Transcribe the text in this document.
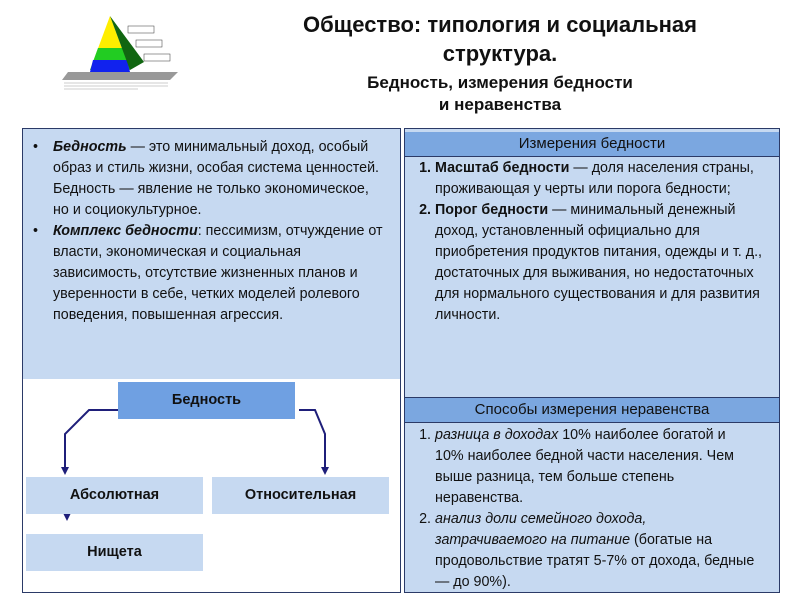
Общество: типология и социальная
структура.
Бедность, измерения бедности
и неравенства
• Бедность — это минимальный доход, особый образ и стиль жизни, особая система ценностей. Бедность — явление не только экономическое, но и социокультурное.
• Комплекс бедности: пессимизм, отчуждение от власти, экономическая и социальная зависимость, отсутствие жизненных планов и уверенности в себе, четких моделей ролевого поведения, повышенная агрессия.
Бедность
Абсолютная	Относительная
Нищета
Измерения бедности
1. Масштаб бедности — доля населения страны, проживающая у черты или порога бедности;
2. Порог бедности — минимальный денежный доход, установленный официально для приобретения продуктов питания, одежды и т. д., достаточных для выживания, но недостаточных для нормального существования и для развития личности.
Способы измерения неравенства
1. разница в доходах 10% наиболее богатой и 10% наиболее бедной части населения. Чем выше разница, тем больше степень неравенства.
2. анализ доли семейного дохода, затрачиваемого на питание (богатые на продовольствие тратят 5-7% от дохода, бедные — до 90%).
